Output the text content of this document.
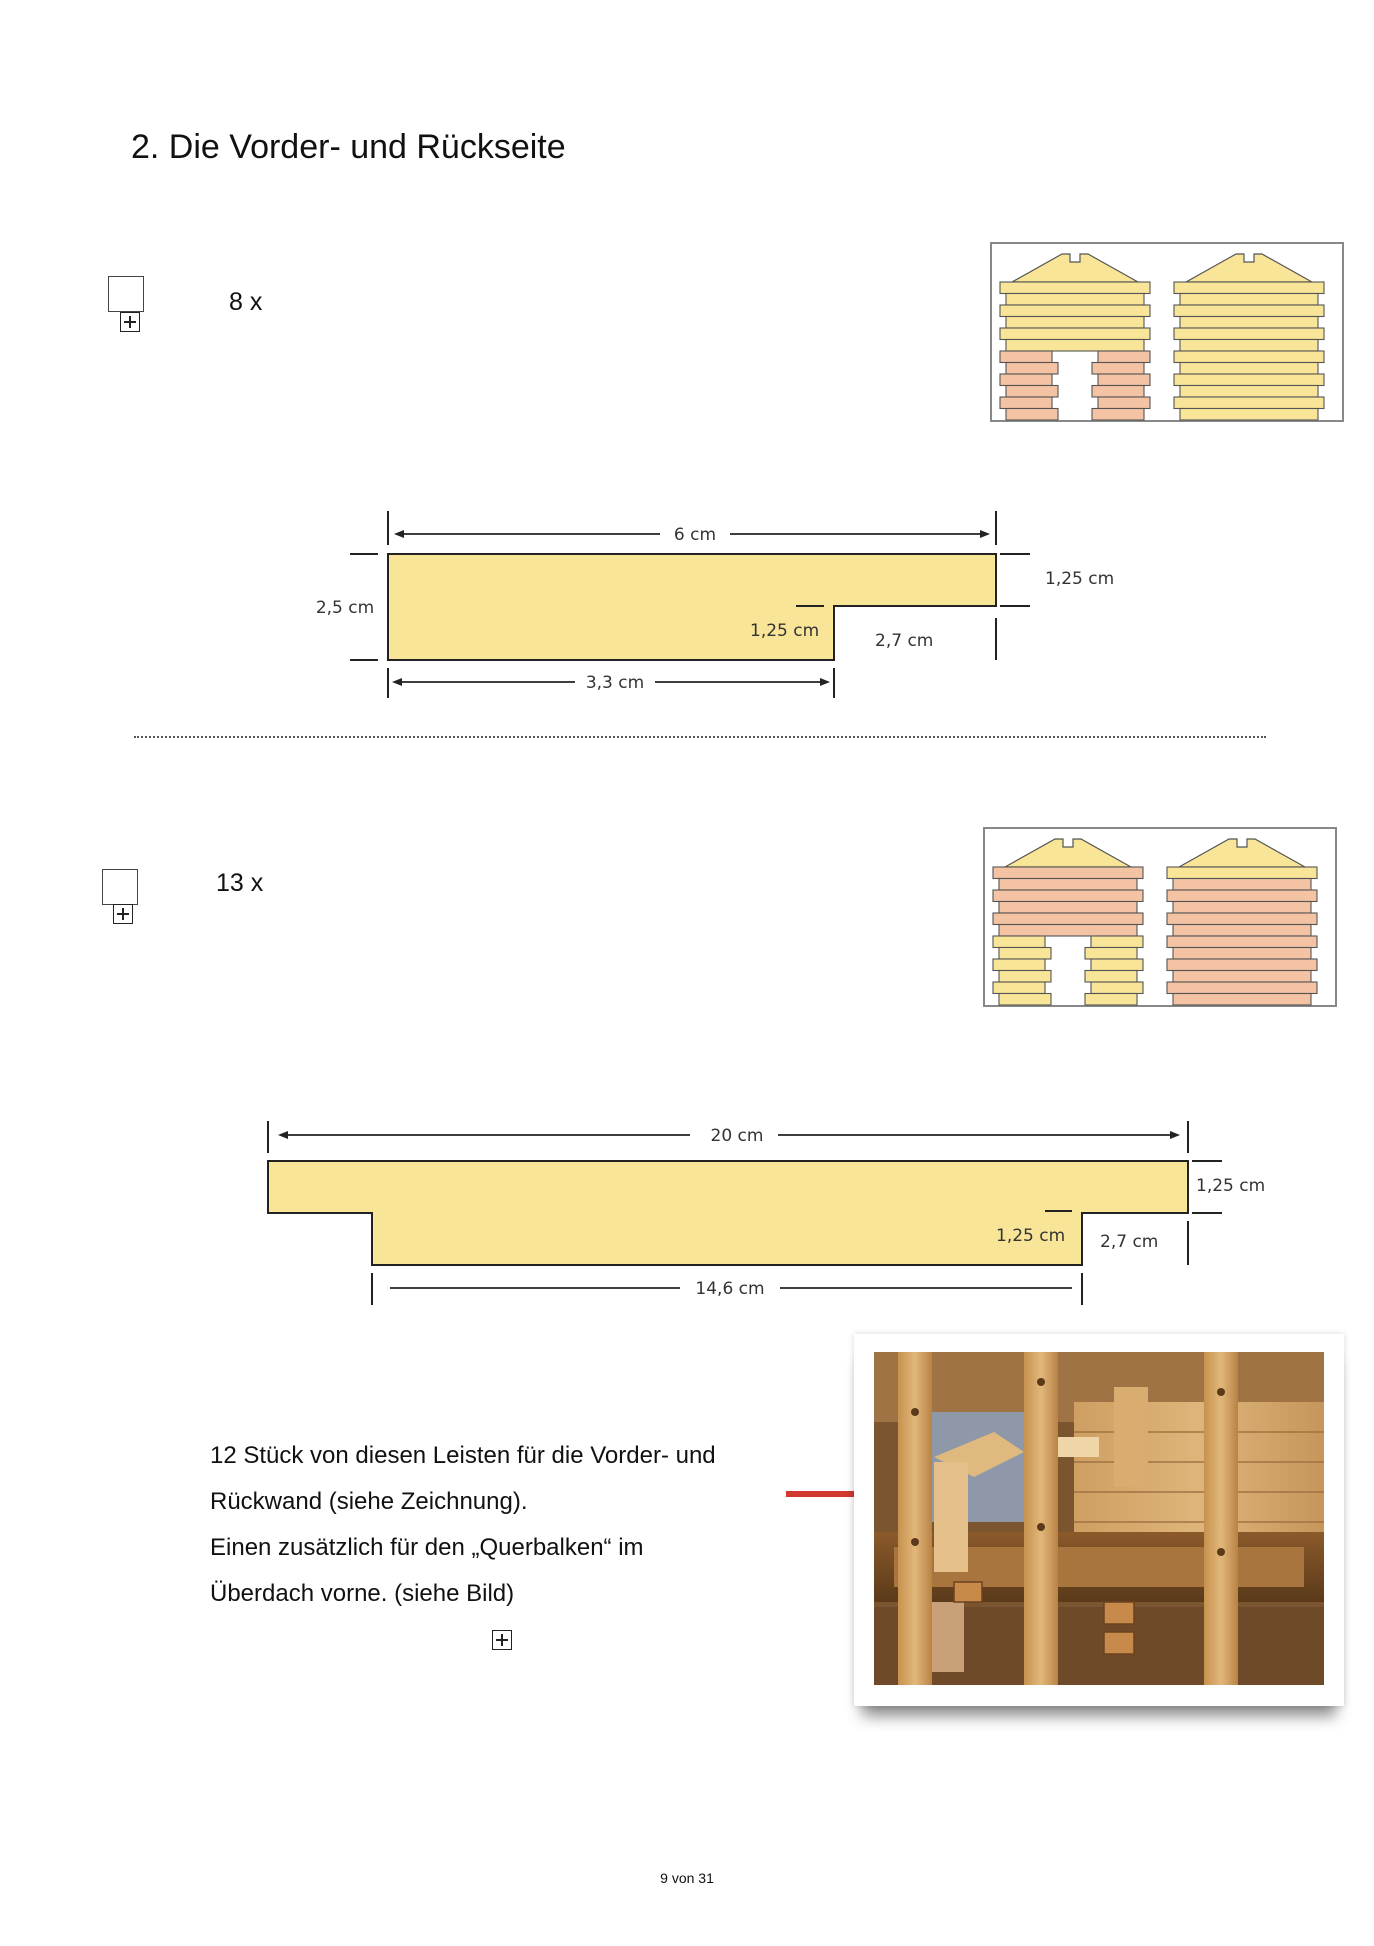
2. Die Vorder- und Rückseite
8 x
6 cm
2,5 cm
1,25 cm
1,25 cm	2,7 cm
3,3 cm
13 x
20 cm
1,25 cm
1,25 cm 2,7 cm
14,6 cm
12 Stück von diesen Leisten für die Vorder- und
Rückwand (siehe Zeichnung).
Einen zusätzlich für den „Querbalken“ im
Überdach vorne. (siehe Bild)
9 von 31
